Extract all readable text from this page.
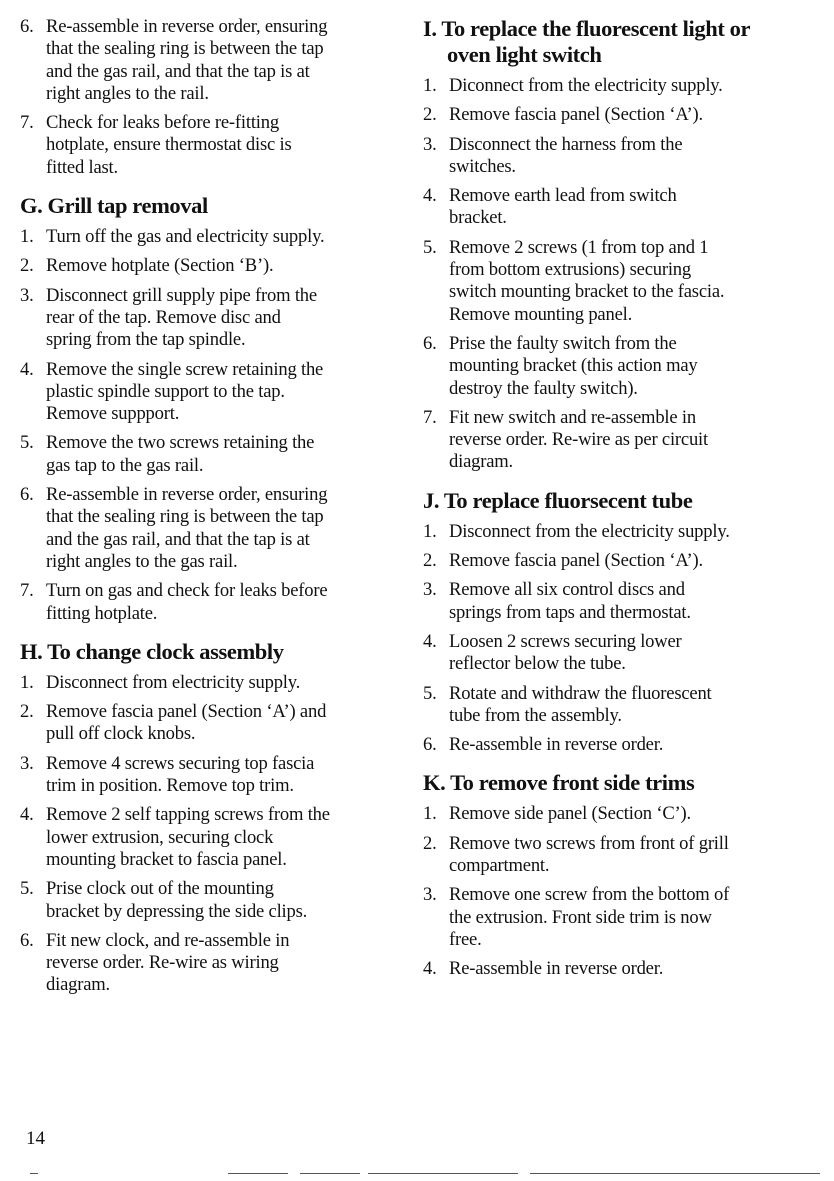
6. Re-assemble in reverse order, ensuring
that the sealing ring is between the tap
and the gas rail, and that the tap is at
right angles to the rail.
7. Check for leaks before re-fitting
hotplate, ensure thermostat disc is
fitted last.
G. Grill tap removal
1. Turn off the gas and electricity supply.
2. Remove hotplate (Section ‘B’).
3. Disconnect grill supply pipe from the
rear of the tap. Remove disc and
spring from the tap spindle.
4. Remove the single screw retaining the
plastic spindle support to the tap.
Remove suppport.
5. Remove the two screws retaining the
gas tap to the gas rail.
6. Re-assemble in reverse order, ensuring
that the sealing ring is between the tap
and the gas rail, and that the tap is at
right angles to the gas rail.
7. Turn on gas and check for leaks before
fitting hotplate.
H. To change clock assembly
1. Disconnect from electricity supply.
2. Remove fascia panel (Section ‘A’) and
pull off clock knobs.
3. Remove 4 screws securing top fascia
trim in position. Remove top trim.
4. Remove 2 self tapping screws from the
lower extrusion, securing clock
mounting bracket to fascia panel.
5. Prise clock out of the mounting
bracket by depressing the side clips.
6. Fit new clock, and re-assemble in
reverse order. Re-wire as wiring
diagram.
I. To replace the fluorescent light or
oven light switch
1. Diconnect from the electricity supply.
2. Remove fascia panel (Section ‘A’).
3. Disconnect the harness from the
switches.
4. Remove earth lead from switch
bracket.
5. Remove 2 screws (1 from top and 1
from bottom extrusions) securing
switch mounting bracket to the fascia.
Remove mounting panel.
6. Prise the faulty switch from the
mounting bracket (this action may
destroy the faulty switch).
7. Fit new switch and re-assemble in
reverse order. Re-wire as per circuit
diagram.
J. To replace fluorsecent tube
1. Disconnect from the electricity supply.
2. Remove fascia panel (Section ‘A’).
3. Remove all six control discs and
springs from taps and thermostat.
4. Loosen 2 screws securing lower
reflector below the tube.
5. Rotate and withdraw the fluorescent
tube from the assembly.
6. Re-assemble in reverse order.
K. To remove front side trims
1. Remove side panel (Section ‘C’).
2. Remove two screws from front of grill
compartment.
3. Remove one screw from the bottom of
the extrusion. Front side trim is now
free.
4. Re-assemble in reverse order.
14
